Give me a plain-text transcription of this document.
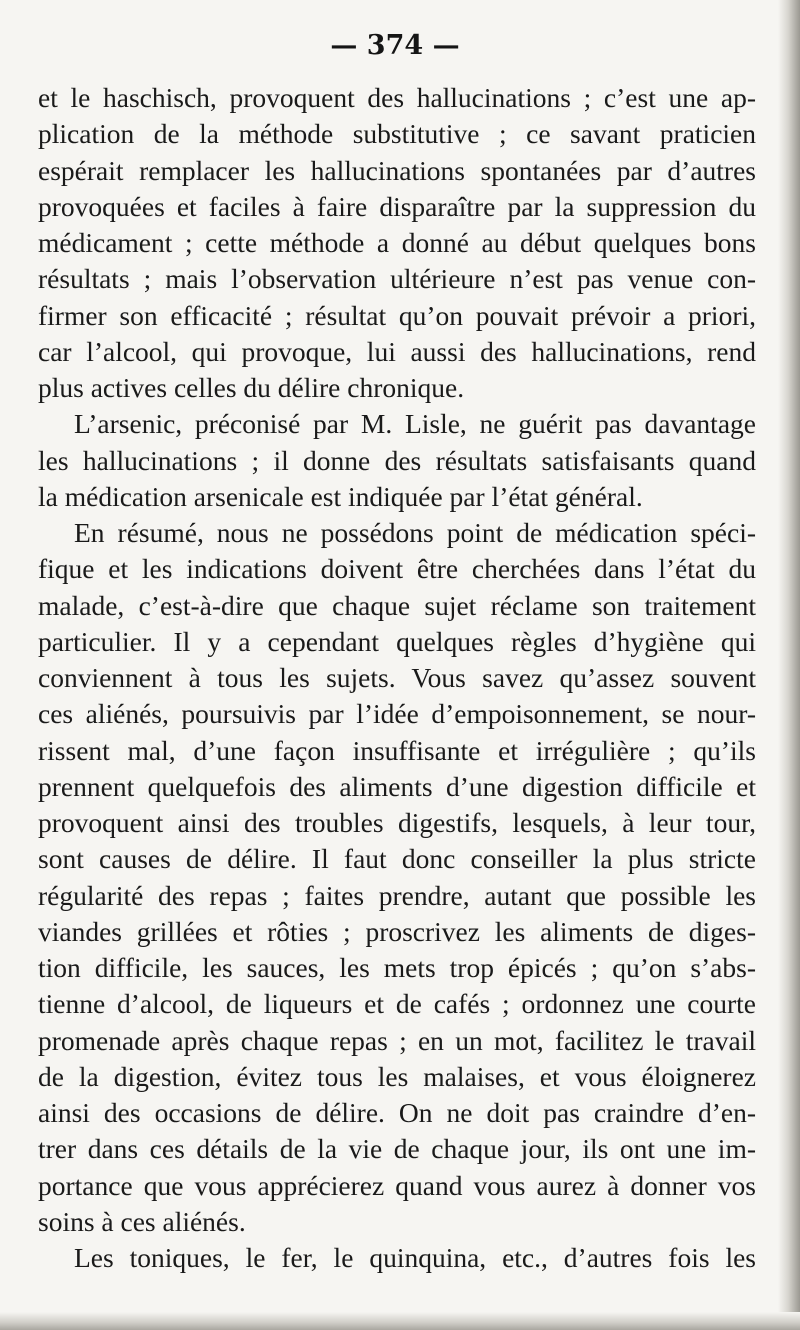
— 374 —
et le haschisch, provoquent des hallucinations ; c’est une ap-
plication de la méthode substitutive ; ce savant praticien
espérait remplacer les hallucinations spontanées par d’autres
provoquées et faciles à faire disparaître par la suppression du
médicament ; cette méthode a donné au début quelques bons
résultats ; mais l’observation ultérieure n’est pas venue con-
firmer son efficacité ; résultat qu’on pouvait prévoir a priori,
car l’alcool, qui provoque, lui aussi des hallucinations, rend
plus actives celles du délire chronique.
L’arsenic, préconisé par M. Lisle, ne guérit pas davantage
les hallucinations ; il donne des résultats satisfaisants quand
la médication arsenicale est indiquée par l’état général.
En résumé, nous ne possédons point de médication spéci-
fique et les indications doivent être cherchées dans l’état du
malade, c’est-à-dire que chaque sujet réclame son traitement
particulier. Il y a cependant quelques règles d’hygiène qui
conviennent à tous les sujets. Vous savez qu’assez souvent
ces aliénés, poursuivis par l’idée d’empoisonnement, se nour-
rissent mal, d’une façon insuffisante et irrégulière ; qu’ils
prennent quelquefois des aliments d’une digestion difficile et
provoquent ainsi des troubles digestifs, lesquels, à leur tour,
sont causes de délire. Il faut donc conseiller la plus stricte
régularité des repas ; faites prendre, autant que possible les
viandes grillées et rôties ; proscrivez les aliments de diges-
tion difficile, les sauces, les mets trop épicés ; qu’on s’abs-
tienne d’alcool, de liqueurs et de cafés ; ordonnez une courte
promenade après chaque repas ; en un mot, facilitez le travail
de la digestion, évitez tous les malaises, et vous éloignerez
ainsi des occasions de délire. On ne doit pas craindre d’en-
trer dans ces détails de la vie de chaque jour, ils ont une im-
portance que vous apprécierez quand vous aurez à donner vos
soins à ces aliénés.
Les toniques, le fer, le quinquina, etc., d’autres fois les
